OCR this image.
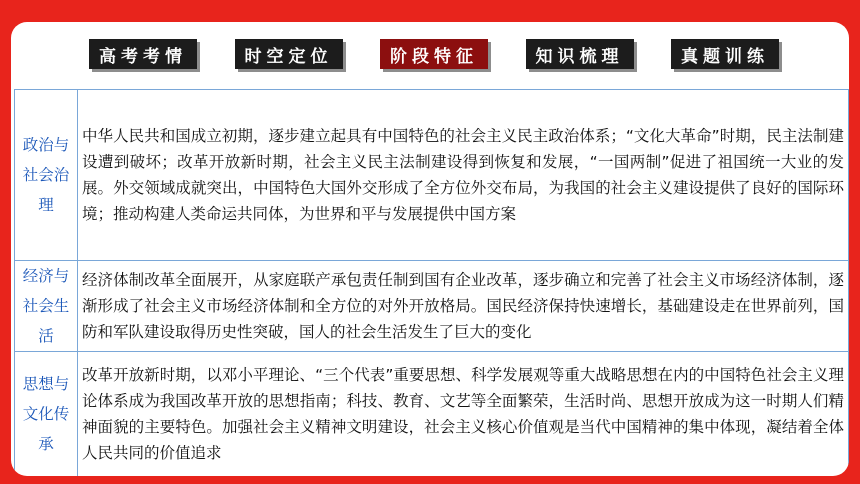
高考考情	时空定位	阶段特征	知识梳理	真题训练
政治与社会治理	中华人民共和国成立初期，逐步建立起具有中国特色的社会主义民主政治体系；“文化大革命”时期，民主法制建设遭到破坏；改革开放新时期，社会主义民主法制建设得到恢复和发展，“一国两制”促进了祖国统一大业的发展。外交领域成就突出，中国特色大国外交形成了全方位外交布局，为我国的社会主义建设提供了良好的国际环境；推动构建人类命运共同体，为世界和平与发展提供中国方案
经济与社会生活	经济体制改革全面展开，从家庭联产承包责任制到国有企业改革，逐步确立和完善了社会主义市场经济体制，逐渐形成了社会主义市场经济体制和全方位的对外开放格局。国民经济保持快速增长，基础建设走在世界前列，国防和军队建设取得历史性突破，国人的社会生活发生了巨大的变化
思想与文化传承	改革开放新时期，以邓小平理论、“三个代表”重要思想、科学发展观等重大战略思想在内的中国特色社会主义理论体系成为我国改革开放的思想指南；科技、教育、文艺等全面繁荣，生活时尚、思想开放成为这一时期人们精神面貌的主要特色。加强社会主义精神文明建设，社会主义核心价值观是当代中国精神的集中体现，凝结着全体人民共同的价值追求
